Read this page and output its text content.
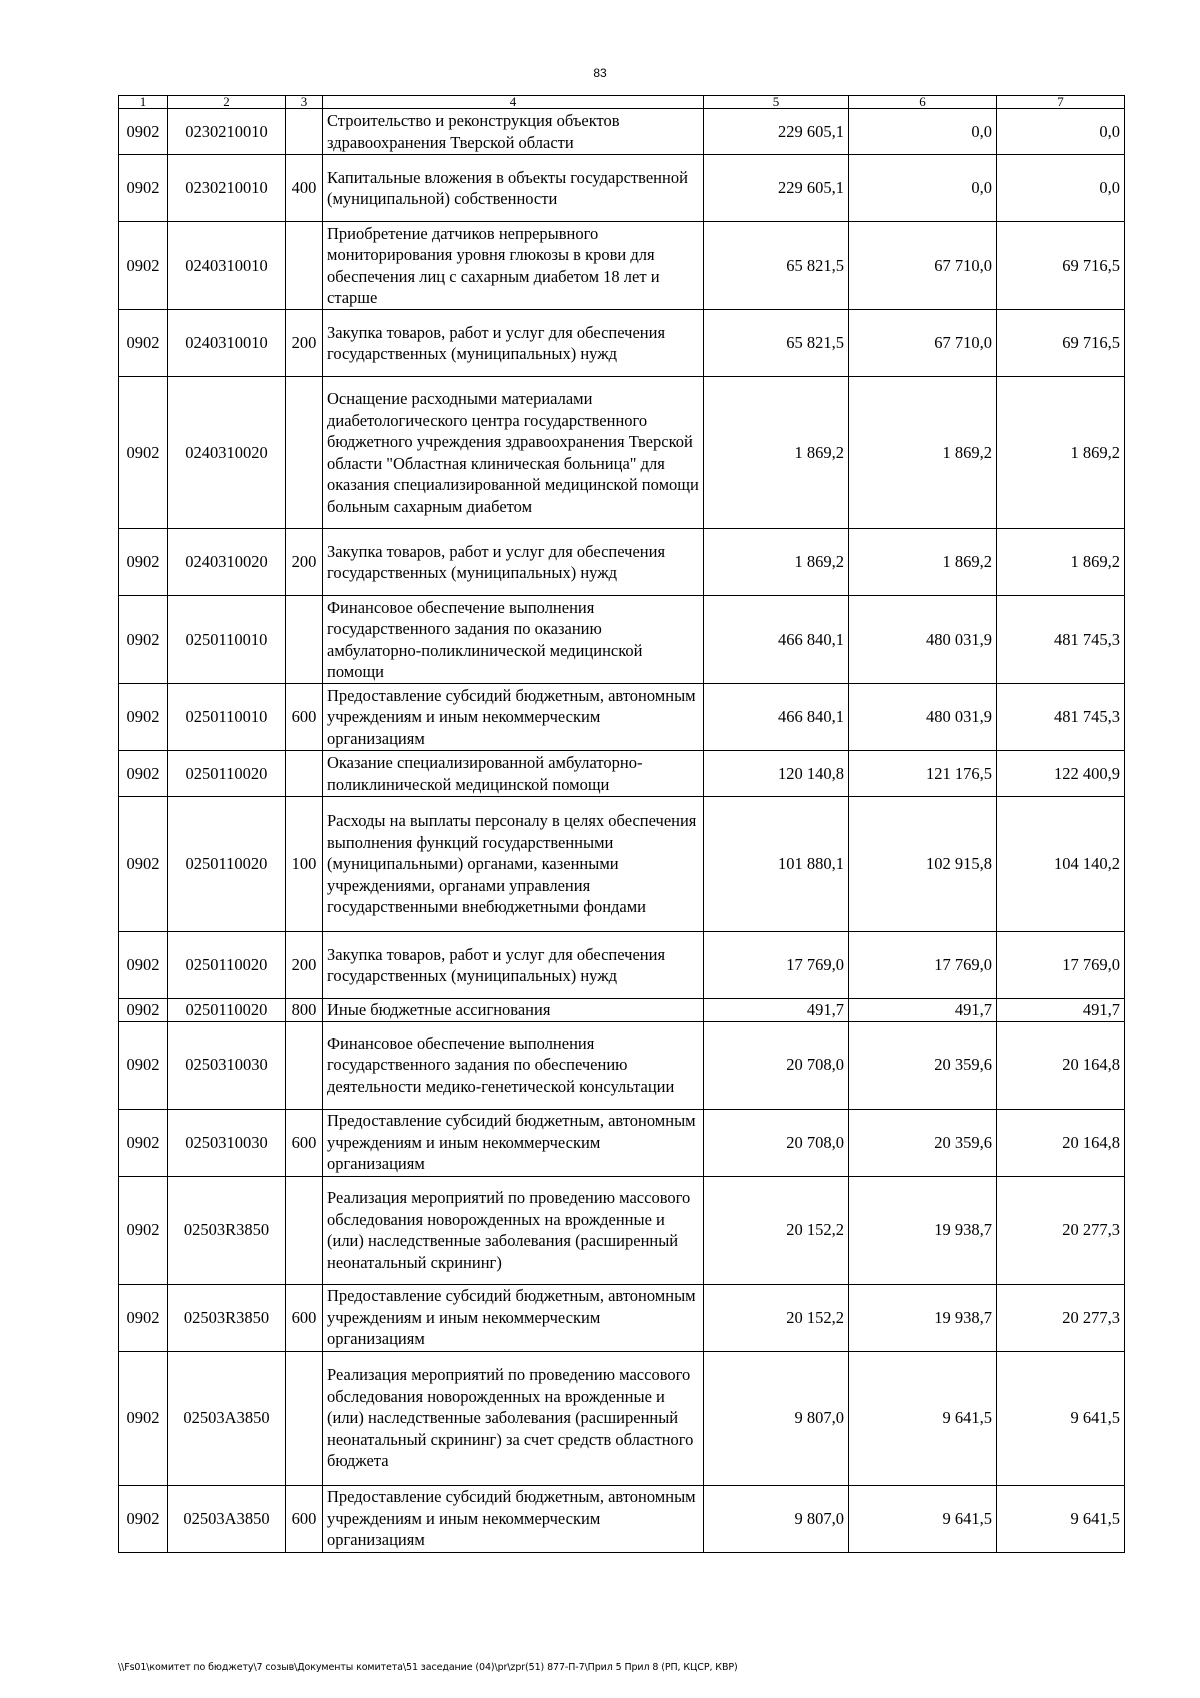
83
1	2	3	4	5	6	7
0902	0230210010		Строительство и реконструкция объектов здравоохранения Тверской области	229 605,1	0,0	0,0
0902	0230210010	400	Капитальные вложения в объекты государственной (муниципальной) собственности	229 605,1	0,0	0,0
0902	0240310010		Приобретение датчиков непрерывного мониторирования уровня глюкозы в крови для обеспечения лиц с сахарным диабетом 18 лет и старше	65 821,5	67 710,0	69 716,5
0902	0240310010	200	Закупка товаров, работ и услуг для обеспечения государственных (муниципальных) нужд	65 821,5	67 710,0	69 716,5
0902	0240310020		Оснащение расходными материалами диабетологического центра государственного бюджетного учреждения здравоохранения Тверской области "Областная клиническая больница" для оказания специализированной медицинской помощи больным сахарным диабетом	1 869,2	1 869,2	1 869,2
0902	0240310020	200	Закупка товаров, работ и услуг для обеспечения государственных (муниципальных) нужд	1 869,2	1 869,2	1 869,2
0902	0250110010		Финансовое обеспечение выполнения государственного задания по оказанию амбулаторно-поликлинической медицинской помощи	466 840,1	480 031,9	481 745,3
0902	0250110010	600	Предоставление субсидий бюджетным, автономным учреждениям и иным некоммерческим организациям	466 840,1	480 031,9	481 745,3
0902	0250110020		Оказание специализированной амбулаторно-поликлинической медицинской помощи	120 140,8	121 176,5	122 400,9
0902	0250110020	100	Расходы на выплаты персоналу в целях обеспечения выполнения функций государственными (муниципальными) органами, казенными учреждениями, органами управления государственными внебюджетными фондами	101 880,1	102 915,8	104 140,2
0902	0250110020	200	Закупка товаров, работ и услуг для обеспечения государственных (муниципальных) нужд	17 769,0	17 769,0	17 769,0
0902	0250110020	800	Иные бюджетные ассигнования	491,7	491,7	491,7
0902	0250310030		Финансовое обеспечение выполнения государственного задания по обеспечению деятельности медико-генетической консультации	20 708,0	20 359,6	20 164,8
0902	0250310030	600	Предоставление субсидий бюджетным, автономным учреждениям и иным некоммерческим организациям	20 708,0	20 359,6	20 164,8
0902	02503R3850		Реализация мероприятий по проведению массового обследования новорожденных на врожденные и (или) наследственные заболевания (расширенный неонатальный скрининг)	20 152,2	19 938,7	20 277,3
0902	02503R3850	600	Предоставление субсидий бюджетным, автономным учреждениям и иным некоммерческим организациям	20 152,2	19 938,7	20 277,3
0902	02503A3850		Реализация мероприятий по проведению массового обследования новорожденных на врожденные и (или) наследственные заболевания (расширенный неонатальный скрининг) за счет средств областного бюджета	9 807,0	9 641,5	9 641,5
0902	02503A3850	600	Предоставление субсидий бюджетным, автономным учреждениям и иным некоммерческим организациям	9 807,0	9 641,5	9 641,5
\\Fs01\комитет по бюджету\7 созыв\Документы комитета\51 заседание (04)\pr\zpr(51) 877-П-7\Прил 5 Прил 8 (РП, КЦСР, КВР)
